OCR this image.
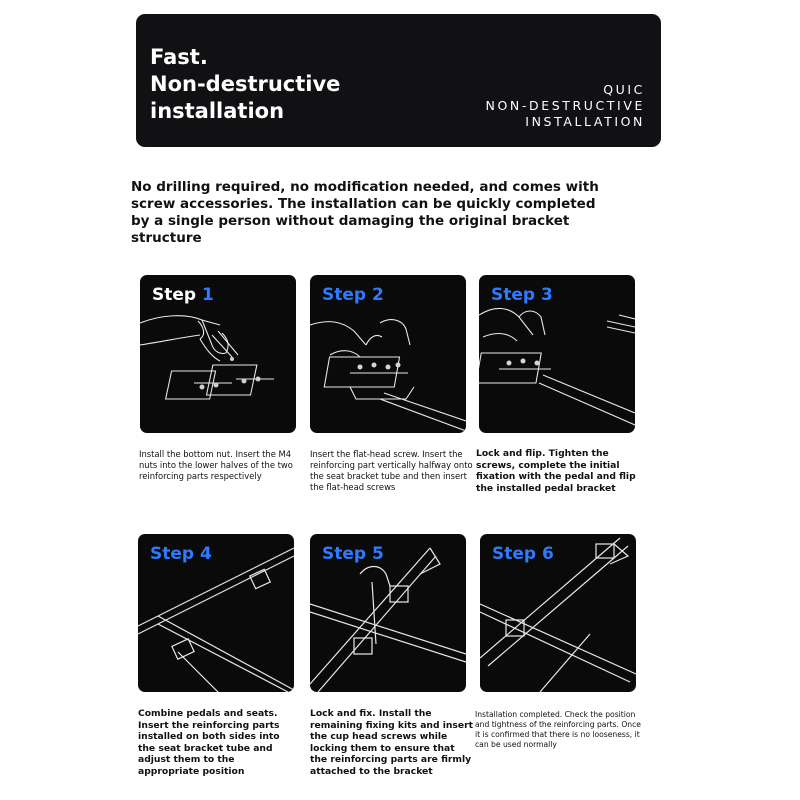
Fast.
Non-destructive
installation
QUIC
NON-DESTRUCTIVE
INSTALLATION
No drilling required, no modification needed, and comes with screw accessories. The installation can be quickly completed by a single person without damaging the original bracket structure
Step 1
Install the bottom nut. Insert the M4 nuts into the lower halves of the two reinforcing parts respectively
Step 2
Insert the flat-head screw. Insert the reinforcing part vertically halfway onto the seat bracket tube and then insert the flat-head screws
Step 3
Lock and flip. Tighten the screws, complete the initial fixation with the pedal and flip the installed pedal bracket
Step 4
Combine pedals and seats. Insert the reinforcing parts installed on both sides into the seat bracket tube and adjust them to the appropriate position
Step 5
Lock and fix. Install the remaining fixing kits and insert the cup head screws while locking them to ensure that the reinforcing parts are firmly attached to the bracket
Step 6
Installation completed. Check the position and tightness of the reinforcing parts. Once it is confirmed that there is no looseness, it can be used normally
